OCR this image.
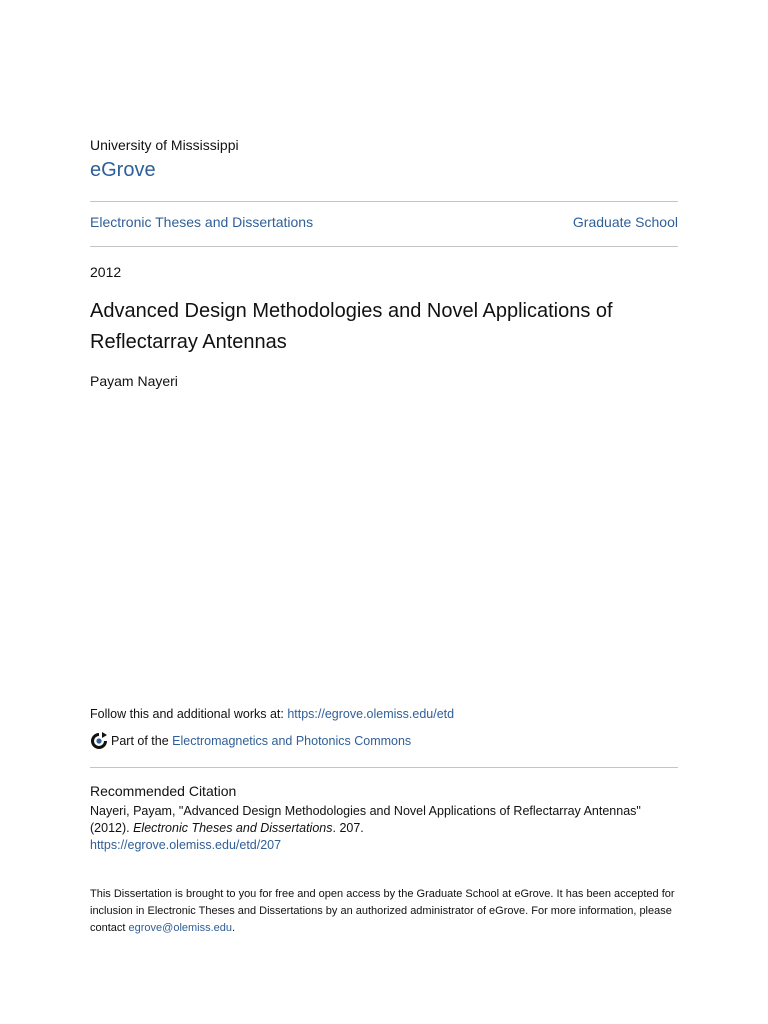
University of Mississippi
eGrove
Electronic Theses and Dissertations	Graduate School
2012
Advanced Design Methodologies and Novel Applications of Reflectarray Antennas
Payam Nayeri
Follow this and additional works at: https://egrove.olemiss.edu/etd
Part of the
Electromagnetics and Photonics Commons
Recommended Citation
Nayeri, Payam, "Advanced Design Methodologies and Novel Applications of Reflectarray Antennas" (2012). Electronic Theses and Dissertations. 207.
https://egrove.olemiss.edu/etd/207
This Dissertation is brought to you for free and open access by the Graduate School at eGrove. It has been accepted for inclusion in Electronic Theses and Dissertations by an authorized administrator of eGrove. For more information, please contact egrove@olemiss.edu.
